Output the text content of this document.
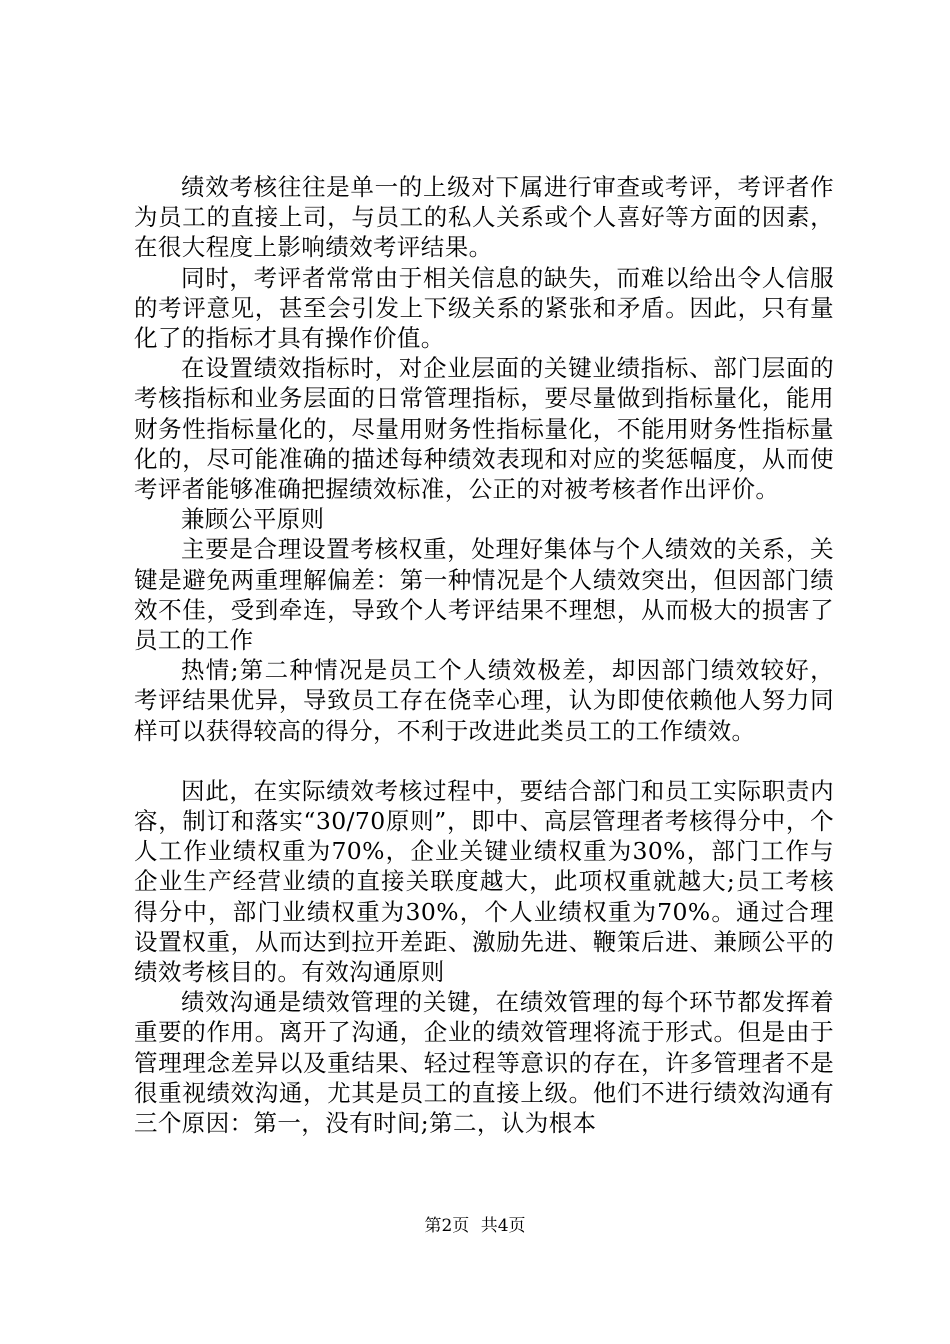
绩效考核往往是单一的上级对下属进行审查或考评，考评者作为员工的直接上司，与员工的私人关系或个人喜好等方面的因素，在很大程度上影响绩效考评结果。

同时，考评者常常由于相关信息的缺失，而难以给出令人信服的考评意见，甚至会引发上下级关系的紧张和矛盾。因此，只有量化了的指标才具有操作价值。

在设置绩效指标时，对企业层面的关键业绩指标、部门层面的考核指标和业务层面的日常管理指标，要尽量做到指标量化，能用财务性指标量化的，尽量用财务性指标量化，不能用财务性指标量化的，尽可能准确的描述每种绩效表现和对应的奖惩幅度，从而使考评者能够准确把握绩效标准，公正的对被考核者作出评价。

兼顾公平原则

主要是合理设置考核权重，处理好集体与个人绩效的关系，关键是避免两重理解偏差：第一种情况是个人绩效突出，但因部门绩效不佳，受到牵连，导致个人考评结果不理想，从而极大的损害了员工的工作

热情;第二种情况是员工个人绩效极差，却因部门绩效较好，考评结果优异，导致员工存在侥幸心理，认为即使依赖他人努力同样可以获得较高的得分，不利于改进此类员工的工作绩效。

因此，在实际绩效考核过程中，要结合部门和员工实际职责内容，制订和落实“30/70原则”，即中、高层管理者考核得分中，个人工作业绩权重为70%，企业关键业绩权重为30%，部门工作与企业生产经营业绩的直接关联度越大，此项权重就越大;员工考核得分中，部门业绩权重为30%，个人业绩权重为70%。通过合理设置权重，从而达到拉开差距、激励先进、鞭策后进、兼顾公平的绩效考核目的。有效沟通原则

绩效沟通是绩效管理的关键，在绩效管理的每个环节都发挥着重要的作用。离开了沟通，企业的绩效管理将流于形式。但是由于管理理念差异以及重结果、轻过程等意识的存在，许多管理者不是很重视绩效沟通，尤其是员工的直接上级。他们不进行绩效沟通有三个原因：第一，没有时间;第二，认为根本

第2页 共4页
